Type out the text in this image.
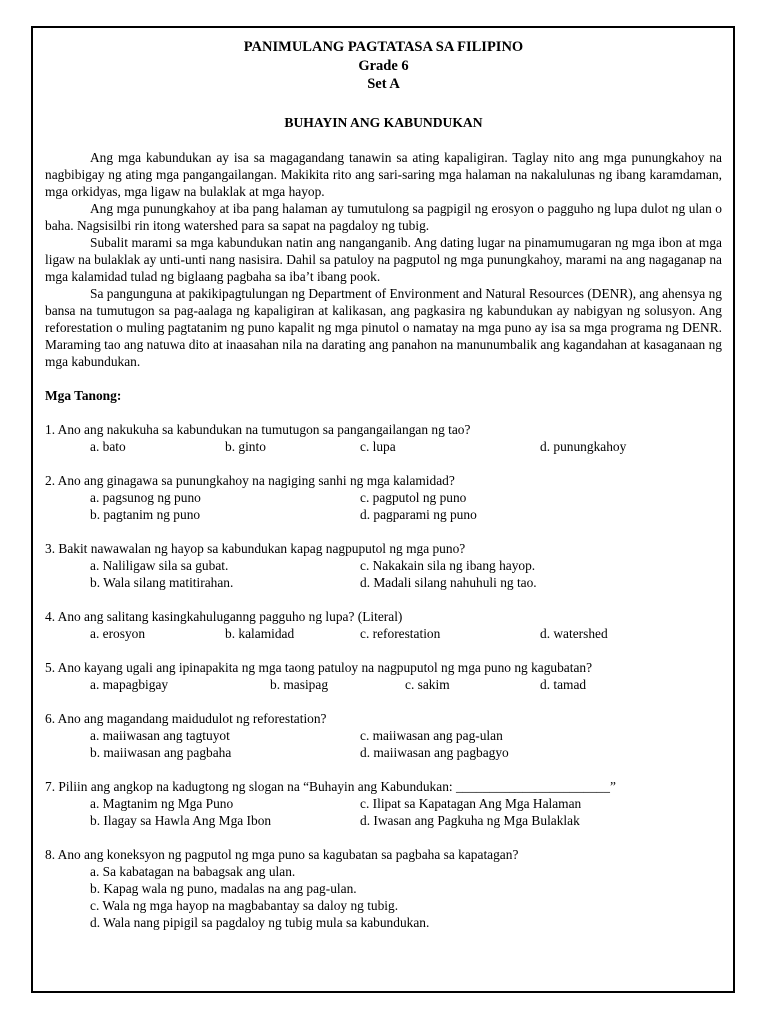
PANIMULANG PAGTATASA SA FILIPINO
Grade 6
Set A
BUHAYIN ANG KABUNDUKAN

Ang mga kabundukan ay isa sa magagandang tanawin sa ating kapaligiran. Taglay nito ang mga punungkahoy na nagbibigay ng ating mga pangangailangan. Makikita rito ang sari-saring mga halaman na nakalulunas ng ibang karamdaman, mga orkidyas, mga ligaw na bulaklak at mga hayop.

Ang mga punungkahoy at iba pang halaman ay tumutulong sa pagpigil ng erosyon o pagguho ng lupa dulot ng ulan o baha. Nagsisilbi rin itong watershed para sa sapat na pagdaloy ng tubig.

Subalit marami sa mga kabundukan natin ang nanganganib. Ang dating lugar na pinamumugaran ng mga ibon at mga ligaw na bulaklak ay unti-unti nang nasisira. Dahil sa patuloy na pagputol ng mga punungkahoy, marami na ang nagaganap na mga kalamidad tulad ng biglaang pagbaha sa iba’t ibang pook.

Sa pangunguna at pakikipagtulungan ng Department of Environment and Natural Resources (DENR), ang ahensya ng bansa na tumutugon sa pag-aalaga ng kapaligiran at kalikasan, ang pagkasira ng kabundukan ay nabigyan ng solusyon. Ang reforestation o muling pagtatanim ng puno kapalit ng mga pinutol o namatay na mga puno ay isa sa mga programa ng DENR. Maraming tao ang natuwa dito at inaasahan nila na darating ang panahon na manunumbalik ang kagandahan at kasaganaan ng mga kabundukan.

Mga Tanong:
1. Ano ang nakukuha sa kabundukan na tumutugon sa pangangailangan ng tao?
a. bato	b. ginto	c. lupa	d. punungkahoy
2. Ano ang ginagawa sa punungkahoy na nagiging sanhi ng mga kalamidad?
a. pagsunog ng puno	c. pagputol ng puno
b. pagtanim ng puno	d. pagparami ng puno
3. Bakit nawawalan ng hayop sa kabundukan kapag nagpuputol ng mga puno?
a. Naliligaw sila sa gubat.	c. Nakakain sila ng ibang hayop.
b. Wala silang matitirahan.	d. Madali silang nahuhuli ng tao.
4. Ano ang salitang kasingkahuluganng pagguho ng lupa? (Literal)
a. erosyon	b. kalamidad	c. reforestation	d. watershed
5. Ano kayang ugali ang ipinapakita ng mga taong patuloy na nagpuputol ng mga puno ng kagubatan?
a. mapagbigay	b. masipag	c. sakim	d. tamad
6. Ano ang magandang maidudulot ng reforestation?
a. maiiwasan ang tagtuyot	c. maiiwasan ang pag-ulan
b. maiiwasan ang pagbaha	d. maiiwasan ang pagbagyo
7. Piliin ang angkop na kadugtong ng slogan na “Buhayin ang Kabundukan: _______________________”
a. Magtanim ng Mga Puno	c. Ilipat sa Kapatagan Ang Mga Halaman
b. Ilagay sa Hawla Ang Mga Ibon	d. Iwasan ang Pagkuha ng Mga Bulaklak
8. Ano ang koneksyon ng pagputol ng mga puno sa kagubatan sa pagbaha sa kapatagan?
a. Sa kabatagan na babagsak ang ulan.
b. Kapag wala ng puno, madalas na ang pag-ulan.
c. Wala ng mga hayop na magbabantay sa daloy ng tubig.
d. Wala nang pipigil sa pagdaloy ng tubig mula sa kabundukan.
